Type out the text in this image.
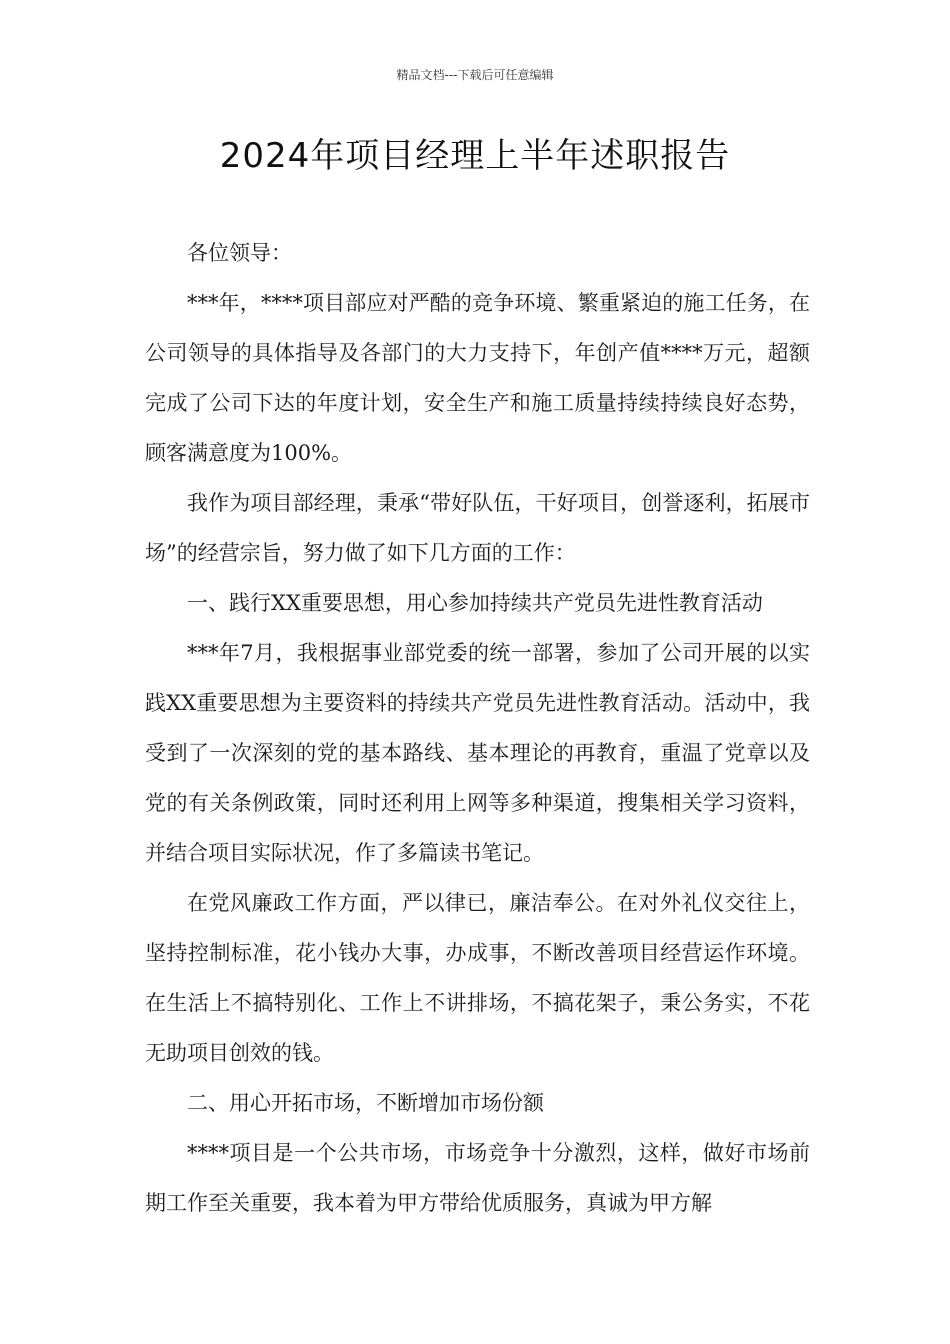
精品文档---下载后可任意编辑
2024年项目经理上半年述职报告

各位领导：

***年，****项目部应对严酷的竞争环境、繁重紧迫的施工任务，在公司领导的具体指导及各部门的大力支持下，年创产值****万元，超额完成了公司下达的年度计划，安全生产和施工质量持续持续良好态势，顾客满意度为100%。

我作为项目部经理，秉承“带好队伍，干好项目，创誉逐利，拓展市场”的经营宗旨，努力做了如下几方面的工作：

一、践行XX重要思想，用心参加持续共产党员先进性教育活动

***年7月，我根据事业部党委的统一部署，参加了公司开展的以实践XX重要思想为主要资料的持续共产党员先进性教育活动。活动中，我受到了一次深刻的党的基本路线、基本理论的再教育，重温了党章以及党的有关条例政策，同时还利用上网等多种渠道，搜集相关学习资料，并结合项目实际状况，作了多篇读书笔记。

在党风廉政工作方面，严以律已，廉洁奉公。在对外礼仪交往上，坚持控制标准，花小钱办大事，办成事，不断改善项目经营运作环境。在生活上不搞特别化、工作上不讲排场，不搞花架子，秉公务实，不花无助项目创效的钱。

二、用心开拓市场，不断增加市场份额

****项目是一个公共市场，市场竞争十分激烈，这样，做好市场前期工作至关重要，我本着为甲方带给优质服务，真诚为甲方解
